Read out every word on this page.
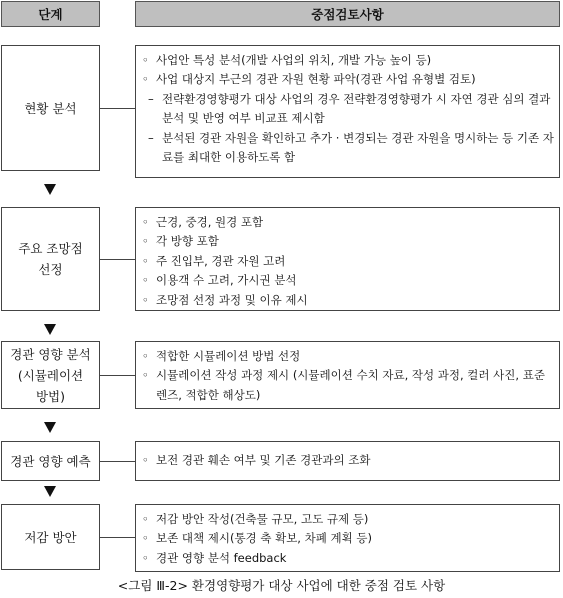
단계	중점검토사항
현황 분석
◦ 사업안 특성 분석(개발 사업의 위치, 개발 가능 높이 등)
◦ 사업 대상지 부근의 경관 자원 현황 파악(경관 사업 유형별 검토)
– 전략환경영향평가 대상 사업의 경우 전략환경영향평가 시 자연 경관 심의 결과 분석 및 반영 여부 비교표 제시함
– 분석된 경관 자원을 확인하고 추가 · 변경되는 경관 자원을 명시하는 등 기존 자료를 최대한 이용하도록 함
주요 조망점
선정
◦ 근경, 중경, 원경 포함
◦ 각 방향 포함
◦ 주 진입부, 경관 자원 고려
◦ 이용객 수 고려, 가시권 분석
◦ 조망점 선정 과정 및 이유 제시
경관 영향 분석
(시뮬레이션
방법)
◦ 적합한 시뮬레이션 방법 선정
◦ 시뮬레이션 작성 과정 제시 (시뮬레이션 수치 자료, 작성 과정, 컬러 사진, 표준 렌즈, 적합한 해상도)
경관 영향 예측	◦ 보전 경관 훼손 여부 및 기존 경관과의 조화
저감 방안
◦ 저감 방안 작성(건축물 규모, 고도 규제 등)
◦ 보존 대책 제시(통경 축 확보, 차폐 계획 등)
◦ 경관 영향 분석 feedback
<그림 Ⅲ-2> 환경영향평가 대상 사업에 대한 중점 검토 사항
